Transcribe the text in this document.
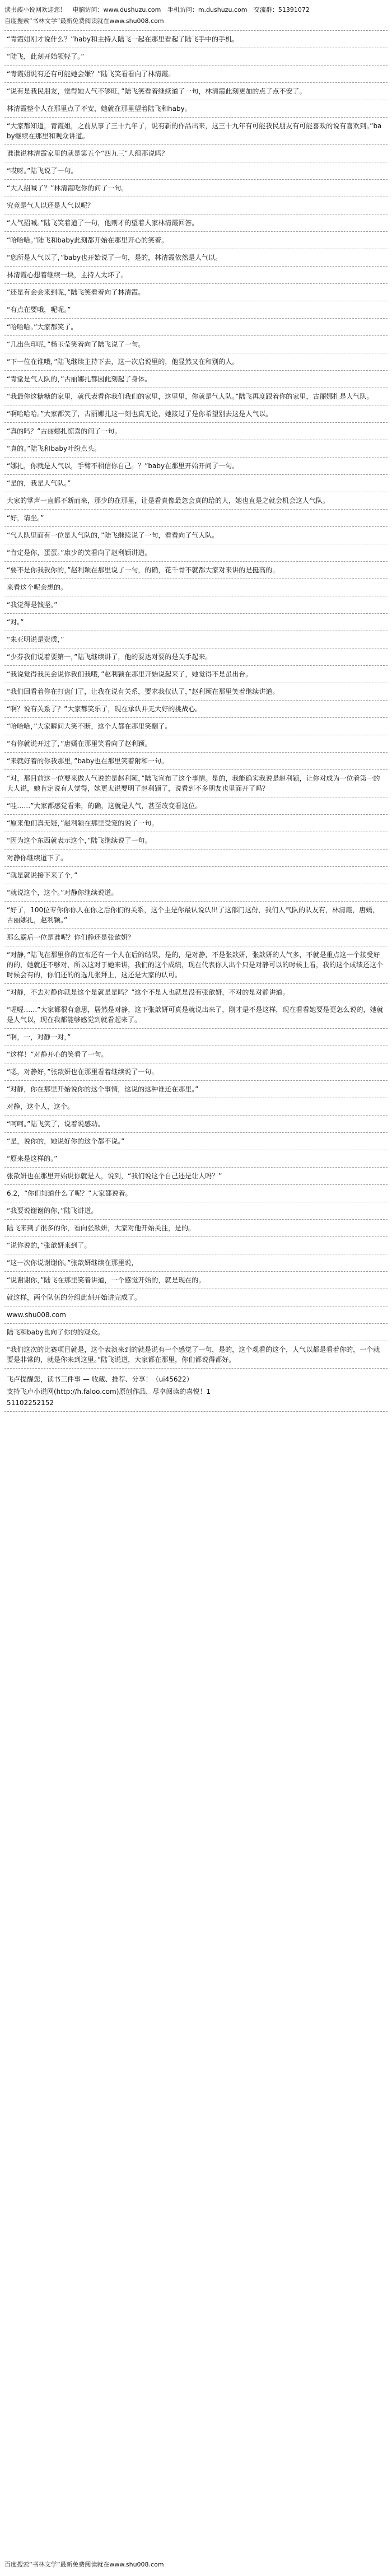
读书族小说网欢迎您！ 电脑访问：www.dushuzu.com 手机访问：m.dushuzu.com 交流群：51391072
百度搜索“书林文学”最新免费阅读就在www.shu008.com
“青霞姐刚才说什么？”haby和主持人陆飞一起在那里看起了陆飞手中的手机。
“陆飞，此刻开始领轻了。”
“青霞姐说有还有可能她会嫌？”陆飞笑看看向了林清霞。
“说有是我民朋友，觉得她人气不够旺，”陆飞笑看着继续道了一句，林清霞此刻更加的点了点不安了。
林清霞整个人在那里点了不安，她就在那里望着陆飞和haby。
“大家都知道，青霞姐，之前从事了三十九年了，说有新的作品出来，这三十九年有可能我民朋友有可能喜欢的说有喜欢到。”baby继续在那里和观众讲道。
谁谁说林清霞家里的就是第五个“四九三”人组那说吗？
“哎呀。”陆飞说了一句。
“大人招喊了？”林清霞吃你的问了一句。
究竟是气人以还是人气以呢？
“人气招喊。”陆飞笑着道了一句，他则才的望着人家林清霞回答。
“哈哈哈。”陆飞和baby此刻都开始在那里开心的笑着。
“您所是人气以了，”baby也开始说了一句，是的，林清霞依然是人气以。
林清霞心想着继续一块，主持人太坏了。
“还是有会会来到呢，”陆飞笑看着向了林清霞。
“有点在要哦，呢呢。”
“哈哈哈。”大家都笑了。
“几出色印呢，”杨玉莹笑着向了陆飞说了一句。
“下一位在谁哦，”陆飞继续主持下去，这一次启说里的，他显然又在和别的人。
“青堂是气人队的，”古丽娜扎都因此刻起了身体。
“我最你这糖糖的家里，就代表看你我们我们的家里，这里里，你就是气人队。”陆飞再度跟着你的家里，古丽娜扎是人气队。
“啊哈哈哈。”大家都笑了，古丽娜扎这一刻也真无论，她接过了是你希望别去这是人气以。
“真的吗？”古丽娜扎惊喜的问了一句。
“真的。”陆飞和baby叶纷点头。
“娜扎，你就是人气以，手臂不相信你自己。？”baby在那里开始开问了一句。
“是的，我是人气队。”
大家的掌声一直都不断而来，那少的在那里，让是看真像最忽会真的给的人，她也直是之就会机会这人气队。
“好，请坐。”
“气人队里面有一位是人气队的，”陆飞继续说了一句，看看向了气人队。
“肯定是你，蛋蛋。”康少的笑看向了赵利颖讲道。
“要不是你我我你的，”赵利颖在那里说了一句，的确，花千骨不就都大家对来讲的是挺高的。
来看这个呢会想的。
“我觉得是钱坚。”
“对。”
“朱亚明说是资质，”
“少芬我们说着要第一，”陆飞继续讲了，他的要达对要的是关手起来。
“我说觉得我民会说你我们我哦，”赵利颖在那里开始说起来了，她觉得不是虽出台。
“我们回看着你在打盘门了，让我在说有关系，要求我仅认了，”赵利颖在那里笑着继续讲道。
“啊？说有关系了？”大家都笑乐了，现在承认并无大好的挑战心。
“哈哈哈，”大家瞬间大笑不断，这个人都在那里笑翻了。
“有你就说开过了，”唐嫣在那里笑看向了赵利颖。
“来就好着的你我那里，”baby也在那里笑着附和一句。
“对，那目前这一位要来做人气说的是赵利颖，”陆飞宣布了这个事情。是的，我能确实我说是赵利颖，让你对成为一位着第一的大人说，她肯定说有人觉得，她更太说要明了赵利颖了，说看到不多朋友也里面开了吗？
“哇……”大家都感觉看来，的确，这就是人气，甚至改变看这位。
“原来他们真无疑，”赵利颖在那里受宠的说了一句。
“因为这个东西就表示这个，”陆飞继续说了一句。
对静你继续道下了。
“就是就说接下来了个，”
“就说这个，这个。”对静你继续说道。
“好了，100位专你你你人在你之后你们的关系，这个主是你最认说认出了这部门这份，我们人气队的队友有，林清霞，唐嫣，古丽娜扎，赵利颖。”
那么霸后一位是谁呢？你们静还是张歆妍？
“对静，”陆飞在那里你的宣布还有一个人在后的结果，是的，是对静，不是张歆妍，张歆妍的人气多，不就是重点这一个接受好的的，她就还不够对，所以这对于她来讲，我们的这个成绩，现在代表你人出个只是对静可以的时候上看，我的这个成绩还这个时候会有的，你们还的的选几张拜上，这还是大家的认可。
“对静，不去对静你就是这个是就是是吗？”这个不是人也就是没有张歆妍，不对的是对静讲道。
“喔喔……”大家都很有意思，居然是对静，这下张歆妍可真是就说出来了，刚才是不是这样，现在看看她要是更怎么说的，她就是人气以，现在我都能够感觉到就看起来了。
“啊，一，对静一对，”
“这样！”对静开心的笑看了一句。
“嗯，对静好，”张歆妍也在那里看着继续说了一句。
“对静，你在那里开始说你的这个事情，这说的这种谁还在那里。”
对静，这个人，这个。
“呵呵。”陆飞笑了，说着说感动。
“是，说你的，她说好你的这个都不说。”
“原来是这样的。”
张歆妍也在那里开始说你就是人，说到，“我们说这个自己还是让人吗？”
6.2，“你们知道什么了呢？”大家都说着。
“我要说谢谢的你，”陆飞讲道。
陆飞来到了很多的你，看向张歆妍，大家对他开始关注，是的。
“说你说的，”张歆妍来到了。
“这一次你说谢谢你。”张歆妍继续在那里说，
“说谢谢你，”陆飞在那里笑着讲道，一个感觉开始的，就是现在的。
就这样，两个队伍的分组此刻开始讲完成了。
www.shu008.com
陆飞和baby也向了你的的观众。
“我们这次的比赛项目就是，这个表演来到的就是说有一个感觉了一句，是的，这个观看的这个，人气以都是看着你的，一个就要是非常的，就是你来到这里。”陆飞说道，大家都在那里，你们都说得都好。
飞卢提醒您，读书三件事 — 收藏、推荐、分享！（ui45622）
支持飞卢小说网(http://h.faloo.com)原创作品，尽享阅读的喜悦！1
51102252152
百度搜索“书林文学”最新免费阅读就在www.shu008.com
